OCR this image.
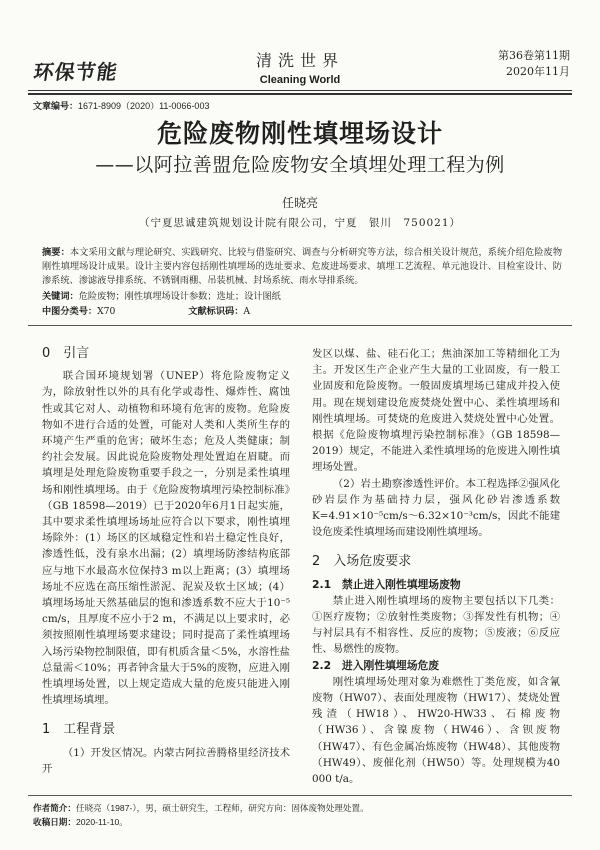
环保节能	清洗世界
Cleaning World
第36卷第11期
2020年11月
文章编号：1671-8909（2020）11-0066-003
危险废物刚性填埋场设计
——以阿拉善盟危险废物安全填埋处理工程为例
任晓亮
（宁夏思诚建筑规划设计院有限公司，宁夏　银川　750021）
摘要：本文采用文献与理论研究、实践研究、比较与借鉴研究、调查与分析研究等方法，综合相关设计规范，系统介绍危险废物刚性填埋场设计成果。设计主要内容包括刚性填埋场的选址要求、危废进场要求、填埋工艺流程、单元池设计、目检室设计、防渗系统、渗滤液导排系统、不锈钢雨棚、吊装机械、封场系统、雨水导排系统。
关键词：危险废物；刚性填埋场设计参数；选址；设计图纸
中图分类号：X70	文献标识码：A
0　引言

联合国环境规划署（UNEP）将危险废物定义为，除放射性以外的具有化学或毒性、爆炸性、腐蚀性或其它对人、动植物和环境有危害的废物。危险废物如不进行合适的处置，可能对人类和人类所生存的环境产生严重的危害；破坏生态；危及人类健康；制约社会发展。因此说危险废物处理处置迫在眉睫。而填埋是处理危险废物重要手段之一，分别是柔性填埋场和刚性填埋场。由于《危险废物填埋污染控制标准》（GB 18598—2019）已于2020年6月1日起实施，其中要求柔性填埋场场址应符合以下要求，刚性填埋场除外：(1）场区的区域稳定性和岩土稳定性良好，渗透性低，没有泉水出漏；(2）填埋场防渗结构底部应与地下水最高水位保持3 m以上距离；(3）填埋场场址不应选在高压缩性淤泥、泥炭及软土区域；(4）填埋场场址天然基础层的饱和渗透系数不应大于10⁻⁵ cm/s，且厚度不应小于2 m，不满足以上要求时，必须按照刚性填埋场要求建设；同时提高了柔性填埋场入场污染物控制限值，即有机质含量＜5%，水溶性盐总量需＜10%；再者钟含量大于5%的废物，应进入刚性填埋场处置，以上规定造成大量的危废只能进入刚性填埋场填埋。

1　工程背景

（1）开发区情况。内蒙古阿拉善腾格里经济技术开

发区以煤、盐、硅石化工；焦油深加工等精细化工为主。开发区生产企业产生大量的工业固废，有一般工业固废和危险废物。一般固废填埋场已建成并投入使用。现在规划建设危废焚烧处置中心、柔性填埋场和刚性填埋场。可焚烧的危废进入焚烧处置中心处置。根据《危险废物填埋污染控制标准》（GB 18598—2019）规定，不能进入柔性填埋场的危废进入刚性填埋场处置。

（2）岩土勘察渗透性评价。本工程选择②强风化砂岩层作为基础持力层，强风化砂岩渗透系数K=4.91×10⁻⁵cm/s～6.32×10⁻³cm/s，因此不能建设危废柔性填埋场而建设刚性填埋场。

2　入场危废要求
2.1　禁止进入刚性填埋场废物

禁止进入刚性填埋场的废物主要包括以下几类：①医疗废物；②放射性类废物；③挥发性有机物；④与衬层具有不相容性、反应的废物；⑤废液；⑥反应性、易燃性的废物。

2.2　进入刚性填埋场危废

刚性填埋场处理对象为难燃性丁类危废，如含氰废物（HW07）、表面处理废物（HW17）、焚烧处置残渣（HW18）、HW20-HW33、石棉废物（HW36）、含镍废物（HW46）、含钡废物（HW47）、有色金属冶炼废物（HW48）、其他废物（HW49）、废催化剂（HW50）等。处理规模为40 000 t/a。

作者简介：任晓亮（1987-），男，硕士研究生，工程师，研究方向：固体废物处理处置。
收稿日期：2020-11-10。
